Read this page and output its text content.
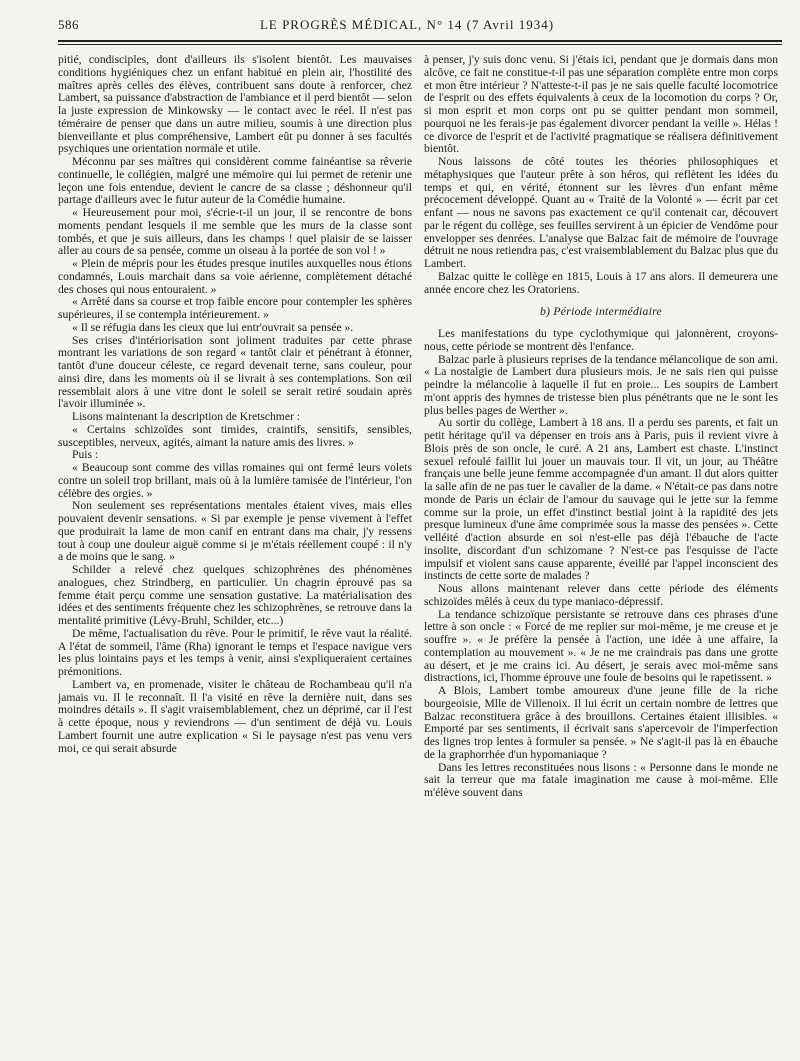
586	LE PROGRÈS MÉDICAL, N° 14 (7 Avril 1934)

pitié, condisciples, dont d'ailleurs ils s'isolent bientôt. Les mauvaises conditions hygiéniques chez un enfant habitué en plein air, l'hostilité des maîtres après celles des élèves, contribuent sans doute à renforcer, chez Lambert, sa puissance d'abstraction de l'ambiance et il perd bientôt — selon la juste expression de Minkowsky — le contact avec le réel. Il n'est pas téméraire de penser que dans un autre milieu, soumis à une direction plus bienveillante et plus compréhensive, Lambert eût pu donner à ses facultés psychiques une orientation normale et utile.

Méconnu par ses maîtres qui considèrent comme fainéantise sa rêverie continuelle, le collégien, malgré une mémoire qui lui permet de retenir une leçon une fois entendue, devient le cancre de sa classe ; déshonneur qu'il partage d'ailleurs avec le futur auteur de la Comédie humaine.

« Heureusement pour moi, s'écrie-t-il un jour, il se rencontre de bons moments pendant lesquels il me semble que les murs de la classe sont tombés, et que je suis ailleurs, dans les champs ! quel plaisir de se laisser aller au cours de sa pensée, comme un oiseau à la portée de son vol ! »

« Plein de mépris pour les études presque inutiles auxquelles nous étions condamnés, Louis marchait dans sa voie aérienne, complètement détaché des choses qui nous entouraient. »

« Arrêté dans sa course et trop faible encore pour contempler les sphères supérieures, il se contempla intérieurement. »

« Il se réfugia dans les cieux que lui entr'ouvrait sa pensée ».

Ses crises d'intériorisation sont joliment traduites par cette phrase montrant les variations de son regard « tantôt clair et pénétrant à étonner, tantôt d'une douceur céleste, ce regard devenait terne, sans couleur, pour ainsi dire, dans les moments où il se livrait à ses contemplations. Son œil ressemblait alors à une vitre dont le soleil se serait retiré soudain après l'avoir illuminée ».

Lisons maintenant la description de Kretschmer :

« Certains schizoïdes sont timides, craintifs, sensitifs, sensibles, susceptibles, nerveux, agités, aimant la nature amis des livres. »

Puis :

« Beaucoup sont comme des villas romaines qui ont fermé leurs volets contre un soleil trop brillant, mais où à la lumière tamisée de l'intérieur, l'on célèbre des orgies. »

Non seulement ses représentations mentales étaient vives, mais elles pouvaient devenir sensations. « Si par exemple je pense vivement à l'effet que produirait la lame de mon canif en entrant dans ma chair, j'y ressens tout à coup une douleur aiguë comme si je m'étais réellement coupé : il n'y a de moins que le sang. »

Schilder a relevé chez quelques schizophrènes des phénomènes analogues, chez Strindberg, en particulier. Un chagrin éprouvé pas sa femme était perçu comme une sensation gustative. La matérialisation des idées et des sentiments fréquente chez les schizophrènes, se retrouve dans la mentalité primitive (Lévy-Bruhl, Schilder, etc...)

De même, l'actualisation du rêve. Pour le primitif, le rêve vaut la réalité. A l'état de sommeil, l'âme (Rha) ignorant le temps et l'espace navigue vers les plus lointains pays et les temps à venir, ainsi s'expliqueraient certaines prémonitions.

Lambert va, en promenade, visiter le château de Rochambeau qu'il n'a jamais vu. Il le reconnaît. Il l'a visité en rêve la dernière nuit, dans ses moindres détails ». Il s'agit vraisemblablement, chez un déprimé, car il l'est à cette époque, nous y reviendrons — d'un sentiment de déjà vu. Louis Lambert fournit une autre explication « Si le paysage n'est pas venu vers moi, ce qui serait absurde

à penser, j'y suis donc venu. Si j'étais ici, pendant que je dormais dans mon alcôve, ce fait ne constitue-t-il pas une séparation complète entre mon corps et mon être intérieur ? N'atteste-t-il pas je ne sais quelle faculté locomotrice de l'esprit ou des effets équivalents à ceux de la locomotion du corps ? Or, si mon esprit et mon corps ont pu se quitter pendant mon sommeil, pourquoi ne les ferais-je pas également divorcer pendant la veille ». Hélas ! ce divorce de l'esprit et de l'activité pragmatique se réalisera définitivement bientôt.

Nous laissons de côté toutes les théories philosophiques et métaphysiques que l'auteur prête à son héros, qui reflètent les idées du temps et qui, en vérité, étonnent sur les lèvres d'un enfant même précocement développé. Quant au « Traité de la Volonté » — écrit par cet enfant — nous ne savons pas exactement ce qu'il contenait car, découvert par le régent du collège, ses feuilles servirent à un épicier de Vendôme pour envelopper ses denrées. L'analyse que Balzac fait de mémoire de l'ouvrage détruit ne nous retiendra pas, c'est vraisemblablement du Balzac plus que du Lambert.

Balzac quitte le collège en 1815, Louis à 17 ans alors. Il demeurera une année encore chez les Oratoriens.

b) Période intermédiaire

Les manifestations du type cyclothymique qui jalonnèrent, croyons-nous, cette période se montrent dès l'enfance.

Balzac parle à plusieurs reprises de la tendance mélancolique de son ami. « La nostalgie de Lambert dura plusieurs mois. Je ne sais rien qui puisse peindre la mélancolie à laquelle il fut en proie... Les soupirs de Lambert m'ont appris des hymnes de tristesse bien plus pénétrants que ne le sont les plus belles pages de Werther ».

Au sortir du collège, Lambert à 18 ans. Il a perdu ses parents, et fait un petit héritage qu'il va dépenser en trois ans à Paris, puis il revient vivre à Blois près de son oncle, le curé. A 21 ans, Lambert est chaste. L'instinct sexuel refoulé faillit lui jouer un mauvais tour. Il vit, un jour, au Théâtre français une belle jeune femme accompagnée d'un amant. Il dut alors quitter la salle afin de ne pas tuer le cavalier de la dame. « N'était-ce pas dans notre monde de Paris un éclair de l'amour du sauvage qui le jette sur la femme comme sur la proie, un effet d'instinct bestial joint à la rapidité des jets presque lumineux d'une âme comprimée sous la masse des pensées ». Cette velléité d'action absurde en soi n'est-elle pas déjà l'ébauche de l'acte insolite, discordant d'un schizomane ? N'est-ce pas l'esquisse de l'acte impulsif et violent sans cause apparente, éveillé par l'appel inconscient des instincts de cette sorte de malades ?

Nous allons maintenant relever dans cette période des éléments schizoïdes mêlés à ceux du type maniaco-dépressif.

La tendance schizoïque persistante se retrouve dans ces phrases d'une lettre à son oncle : « Forcé de me replier sur moi-même, je me creuse et je souffre ». « Je préfère la pensée à l'action, une idée à une affaire, la contemplation au mouvement ». « Je ne me craindrais pas dans une grotte au désert, et je me crains ici. Au désert, je serais avec moi-même sans distractions, ici, l'homme éprouve une foule de besoins qui le rapetissent. »

A Blois, Lambert tombe amoureux d'une jeune fille de la riche bourgeoisie, Mlle de Villenoix. Il lui écrit un certain nombre de lettres que Balzac reconstituera grâce à des brouillons. Certaines étaient illisibles. « Emporté par ses sentiments, il écrivait sans s'apercevoir de l'imperfection des lignes trop lentes à formuler sa pensée. » Ne s'agit-il pas là en ébauche de la graphorrhée d'un hypomaniaque ?

Dans les lettres reconstituées nous lisons : « Personne dans le monde ne sait la terreur que ma fatale imagination me cause à moi-même. Elle m'élève souvent dans
